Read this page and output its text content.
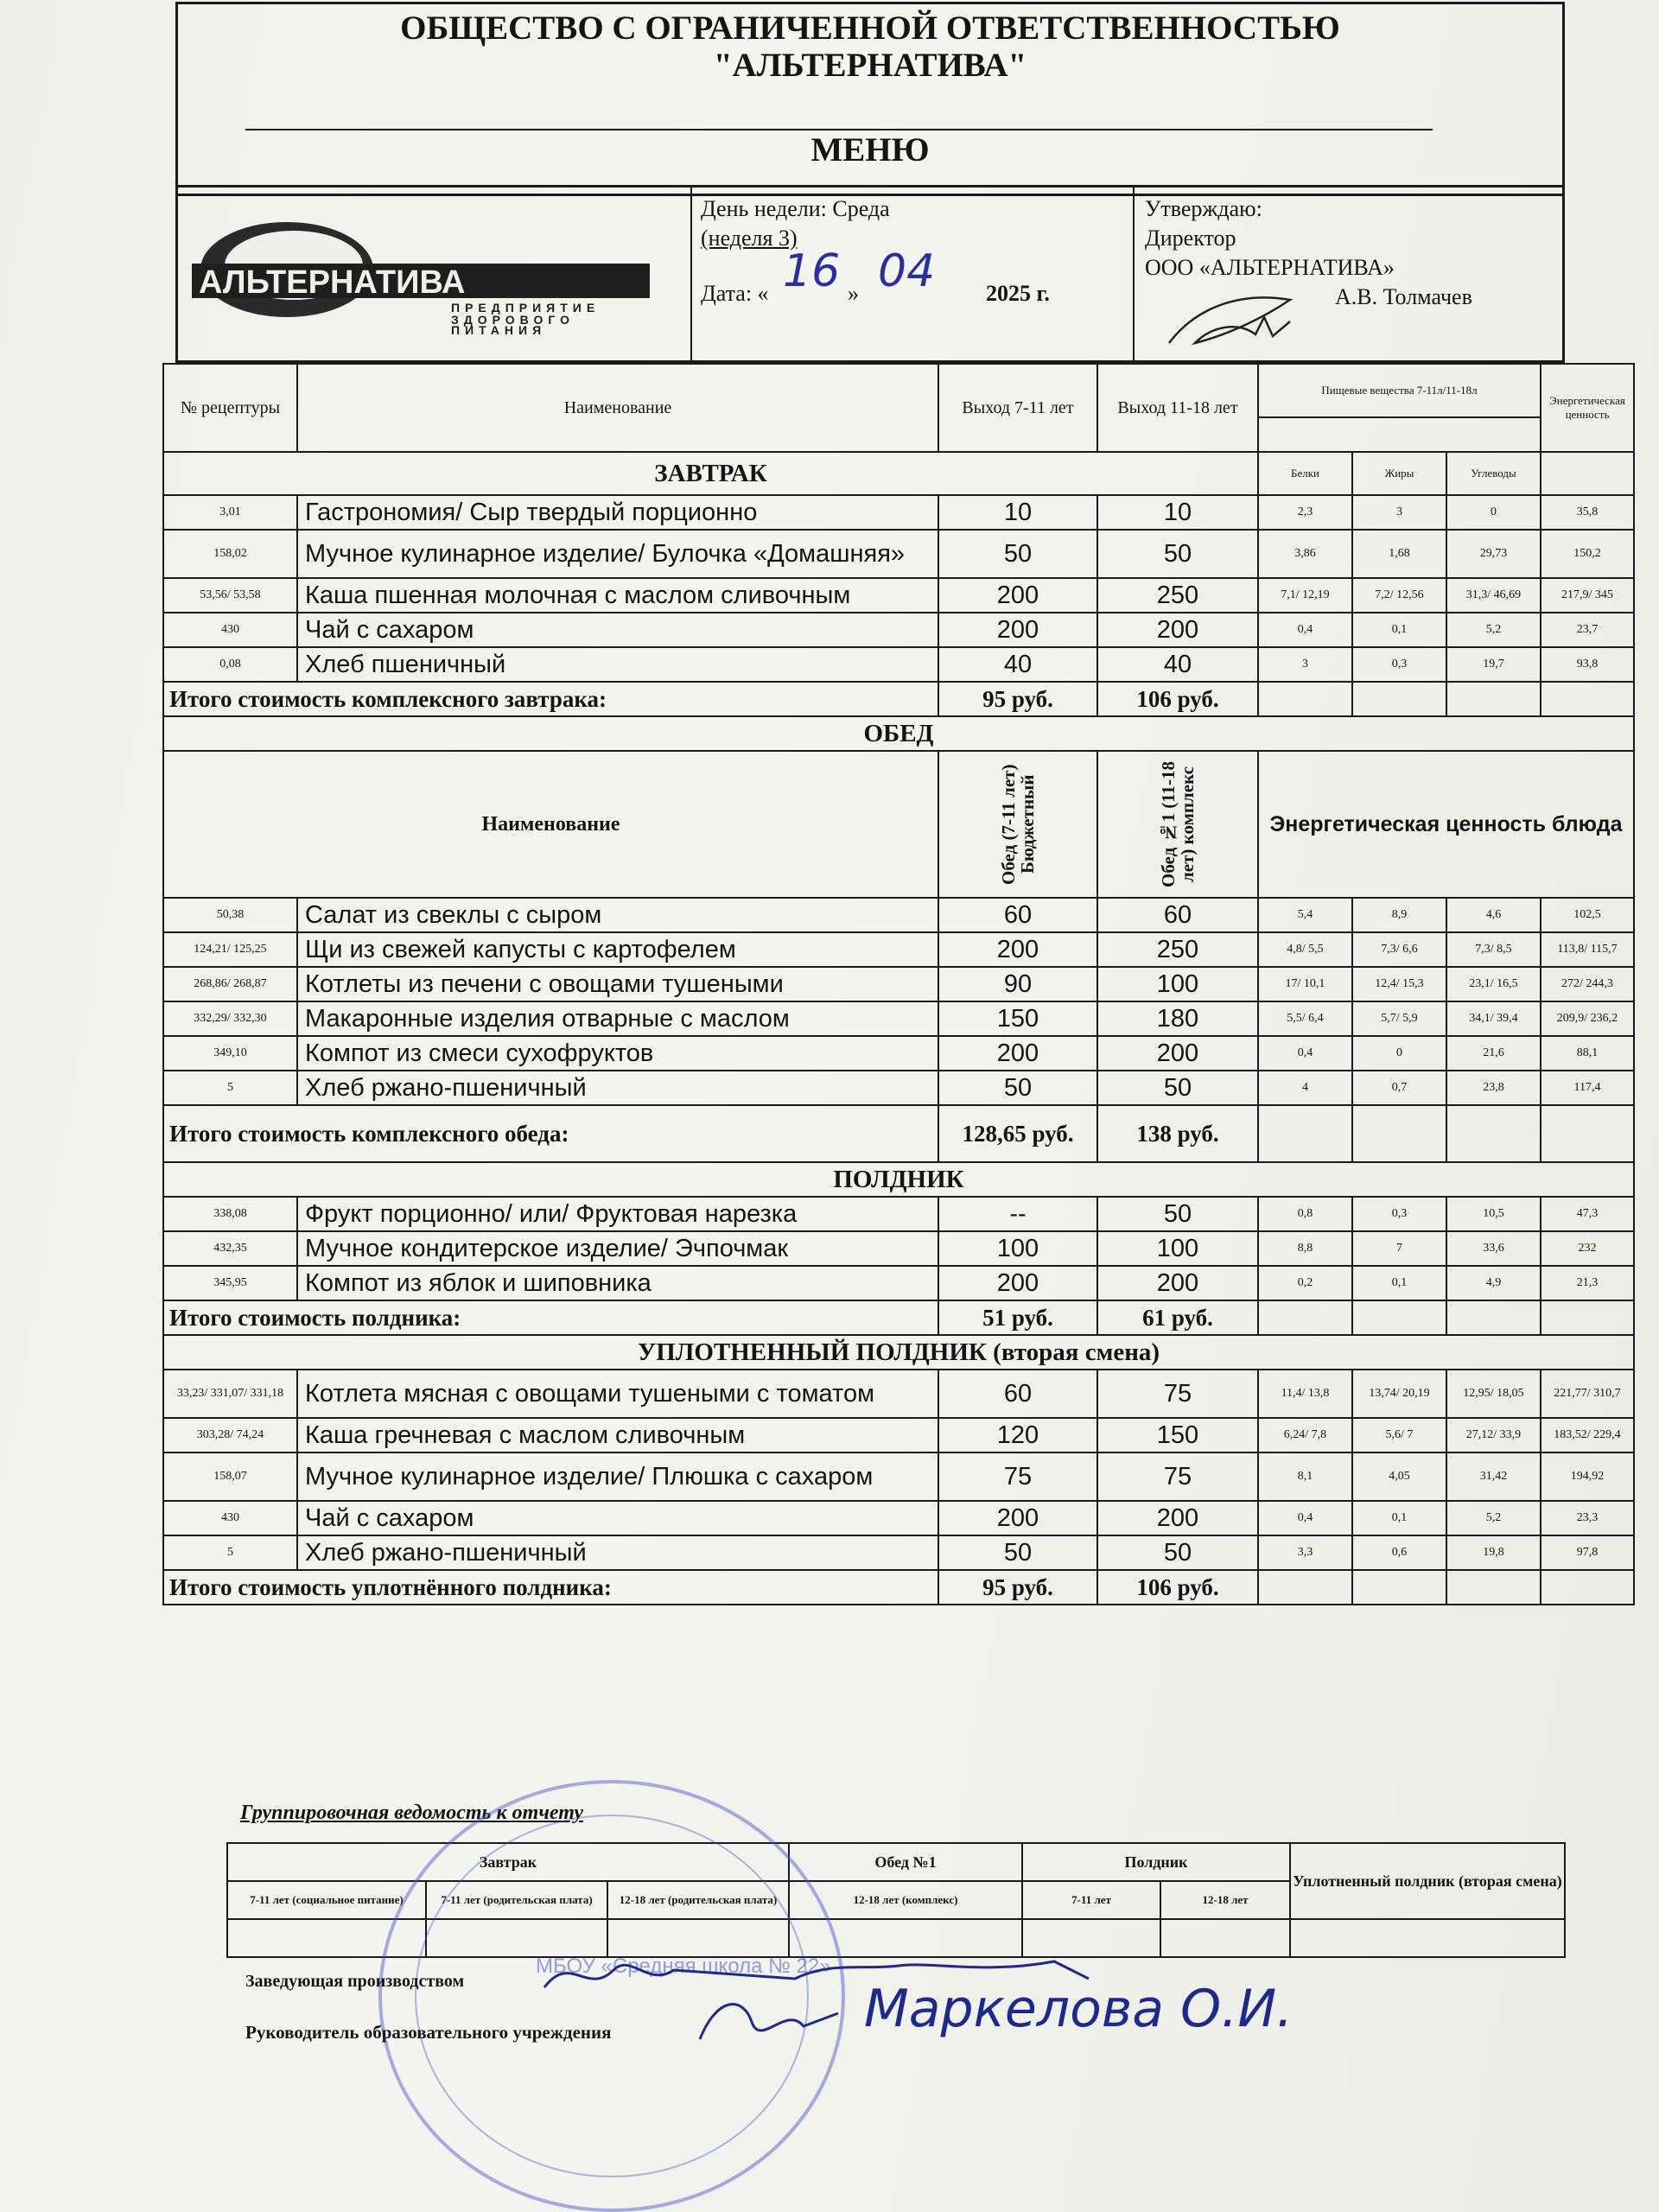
ОБЩЕСТВО С ОГРАНИЧЕННОЙ ОТВЕТСТВЕННОСТЬЮ
"АЛЬТЕРНАТИВА"
МЕНЮ
АЛЬТЕРНАТИВА
ПРЕДПРИЯТИЕ
ЗДОРОВОГО
ПИТАНИЯ
День недели: Среда
(неделя 3)
Дата: « 16 » 04 2025 г.
Утверждаю:
Директор
ООО «АЛЬТЕРНАТИВА»
А.В. Толмачев
№ рецептуры	Наименование	Выход 7-11 лет	Выход 11-18 лет	Пищевые вещества 7-11л/11-18л			Энергетическая ценность

ЗАВТРАК				Белки	Жиры	Углеводы	
3,01	Гастрономия/ Сыр твердый порционно	10	10	2,3	3	0	35,8
158,02	Мучное кулинарное изделие/ Булочка «Домашняя»	50	50	3,86	1,68	29,73	150,2
53,56/ 53,58	Каша пшенная молочная с маслом сливочным	200	250	7,1/ 12,19	7,2/ 12,56	31,3/ 46,69	217,9/ 345
430	Чай с сахаром	200	200	0,4	0,1	5,2	23,7
0,08	Хлеб пшеничный	40	40	3	0,3	19,7	93,8
Итого стоимость комплексного завтрака:		95 руб.	106 руб.				
ОБЕД							
Наименование		Обед (7-11 лет) Бюджетный	Обед №1 (11-18 лет) комплекс	Энергетическая ценность блюда			
50,38	Салат из свеклы с сыром	60	60	5,4	8,9	4,6	102,5
124,21/ 125,25	Щи из свежей капусты с картофелем	200	250	4,8/ 5,5	7,3/ 6,6	7,3/ 8,5	113,8/ 115,7
268,86/ 268,87	Котлеты из печени с овощами тушеными	90	100	17/ 10,1	12,4/ 15,3	23,1/ 16,5	272/ 244,3
332,29/ 332,30	Макаронные изделия отварные с маслом	150	180	5,5/ 6,4	5,7/ 5,9	34,1/ 39,4	209,9/ 236,2
349,10	Компот из смеси сухофруктов	200	200	0,4	0	21,6	88,1
5	Хлеб ржано-пшеничный	50	50	4	0,7	23,8	117,4
Итого стоимость комплексного обеда:		128,65 руб.	138 руб.				
ПОЛДНИК							
338,08	Фрукт порционно/ или/ Фруктовая нарезка	--	50	0,8	0,3	10,5	47,3
432,35	Мучное кондитерское изделие/ Эчпочмак	100	100	8,8	7	33,6	232
345,95	Компот из яблок и шиповника	200	200	0,2	0,1	4,9	21,3
Итого стоимость полдника:		51 руб.	61 руб.				
УПЛОТНЕННЫЙ ПОЛДНИК (вторая смена)							
33,23/ 331,07/ 331,18	Котлета мясная с овощами тушеными с томатом	60	75	11,4/ 13,8	13,74/ 20,19	12,95/ 18,05	221,77/ 310,7
303,28/ 74,24	Каша гречневая с маслом сливочным	120	150	6,24/ 7,8	5,6/ 7	27,12/ 33,9	183,52/ 229,4
158,07	Мучное кулинарное изделие/ Плюшка с сахаром	75	75	8,1	4,05	31,42	194,92
430	Чай с сахаром	200	200	0,4	0,1	5,2	23,3
5	Хлеб ржано-пшеничный	50	50	3,3	0,6	19,8	97,8
Итого стоимость уплотнённого полдника:		95 руб.	106 руб.				
Группировочная ведомость к отчету
Завтрак			Обед №1	Полдник		Уплотненный полдник (вторая смена)
7-11 лет (социальное питание)	7-11 лет (родительская плата)	12-18 лет (родительская плата)	12-18 лет (комплекс)	7-11 лет	12-18 лет	

МБОУ «Средняя школа № 22»
Заведующая производством
Руководитель образовательного учреждения	Маркелова О.И.
